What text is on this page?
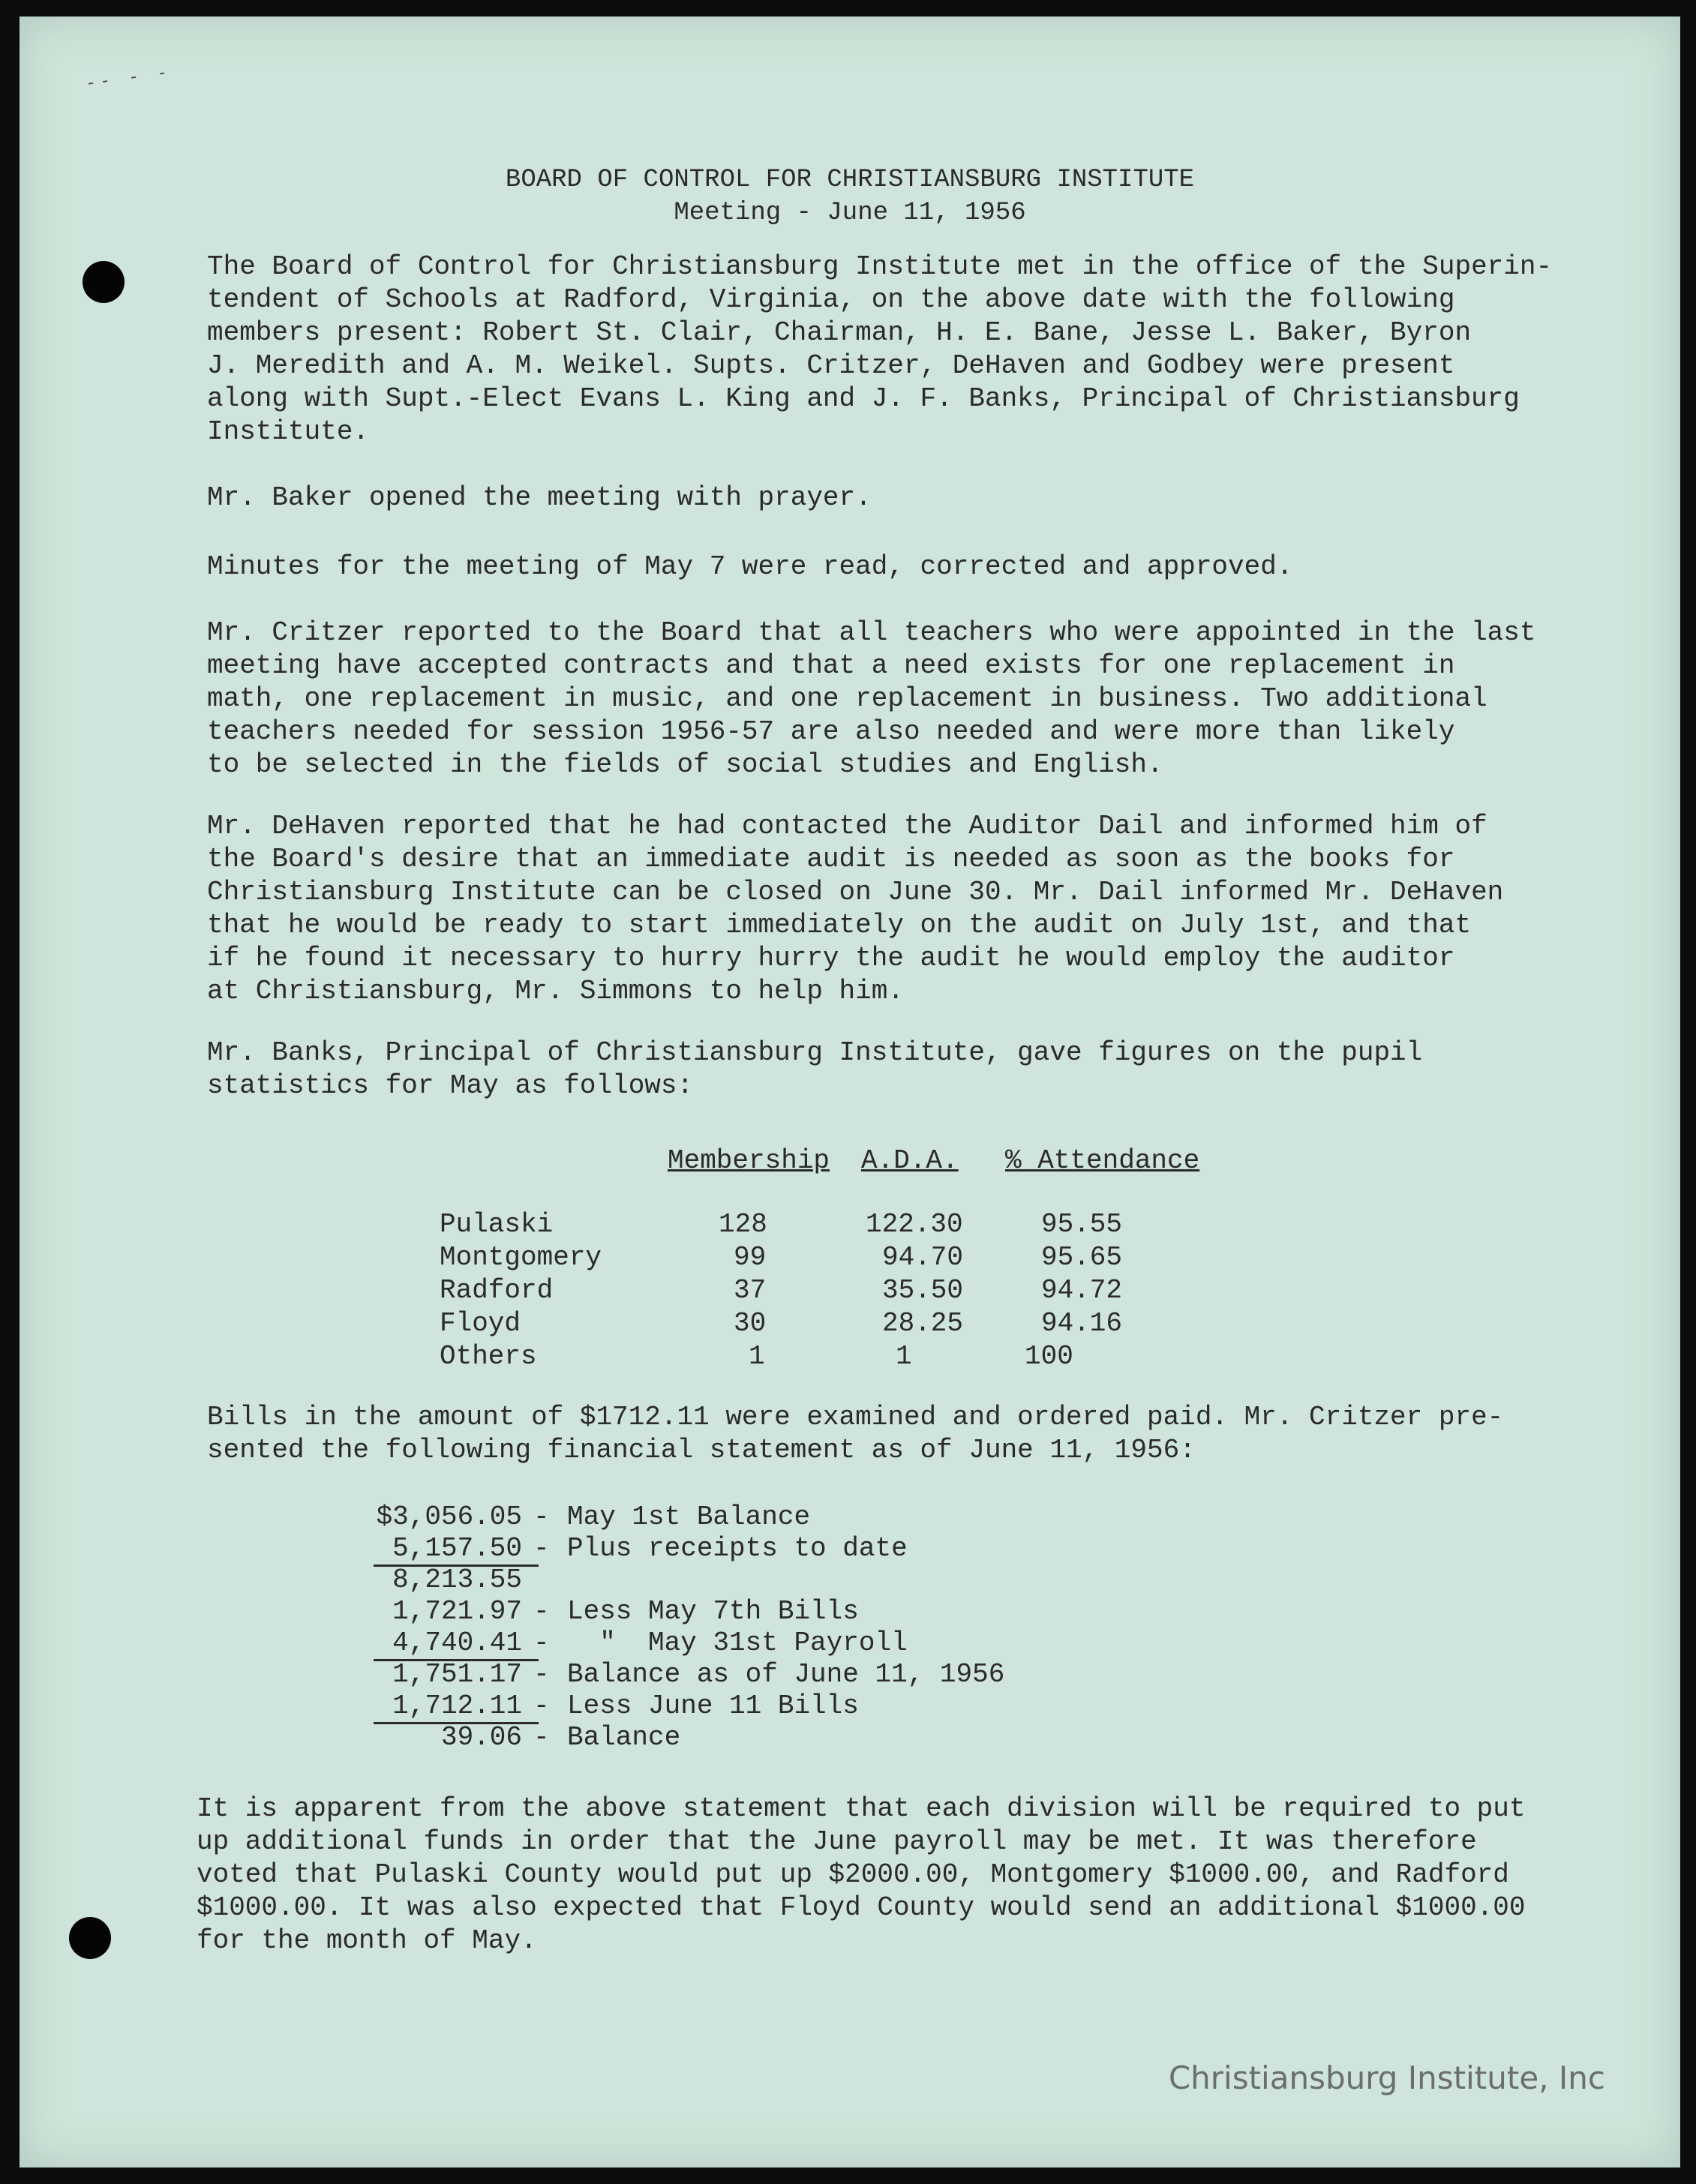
-- - -
BOARD OF CONTROL FOR CHRISTIANSBURG INSTITUTE
Meeting - June 11, 1956
The Board of Control for Christiansburg Institute met in the office of the Superin-
tendent of Schools at Radford, Virginia, on the above date with the following
members present: Robert St. Clair, Chairman, H. E. Bane, Jesse L. Baker, Byron
J. Meredith and A. M. Weikel. Supts. Critzer, DeHaven and Godbey were present
along with Supt.-Elect Evans L. King and J. F. Banks, Principal of Christiansburg
Institute.
Mr. Baker opened the meeting with prayer.
Minutes for the meeting of May 7 were read, corrected and approved.
Mr. Critzer reported to the Board that all teachers who were appointed in the last
meeting have accepted contracts and that a need exists for one replacement in
math, one replacement in music, and one replacement in business. Two additional
teachers needed for session 1956-57 are also needed and were more than likely
to be selected in the fields of social studies and English.
Mr. DeHaven reported that he had contacted the Auditor Dail and informed him of
the Board's desire that an immediate audit is needed as soon as the books for
Christiansburg Institute can be closed on June 30. Mr. Dail informed Mr. DeHaven
that he would be ready to start immediately on the audit on July 1st, and that
if he found it necessary to hurry hurry the audit he would employ the auditor
at Christiansburg, Mr. Simmons to help him.
Mr. Banks, Principal of Christiansburg Institute, gave figures on the pupil
statistics for May as follows:
Membership A.D.A. % Attendance
Pulaski	128	122.30	95.55
Montgomery	99	94.70	95.65
Radford	37	35.50	94.72
Floyd	30	28.25	94.16
Others	1	1	100
Bills in the amount of $1712.11 were examined and ordered paid. Mr. Critzer pre-
sented the following financial statement as of June 11, 1956:
$3,056.05 - May 1st Balance
5,157.50 - Plus receipts to date
8,213.55
1,721.97 - Less May 7th Bills
4,740.41 - "  May 31st Payroll
1,751.17 - Balance as of June 11, 1956
1,712.11 - Less June 11 Bills
39.06 - Balance
It is apparent from the above statement that each division will be required to put
up additional funds in order that the June payroll may be met. It was therefore
voted that Pulaski County would put up $2000.00, Montgomery $1000.00, and Radford
$1000.00. It was also expected that Floyd County would send an additional $1000.00
for the month of May.
Christiansburg Institute, Inc
